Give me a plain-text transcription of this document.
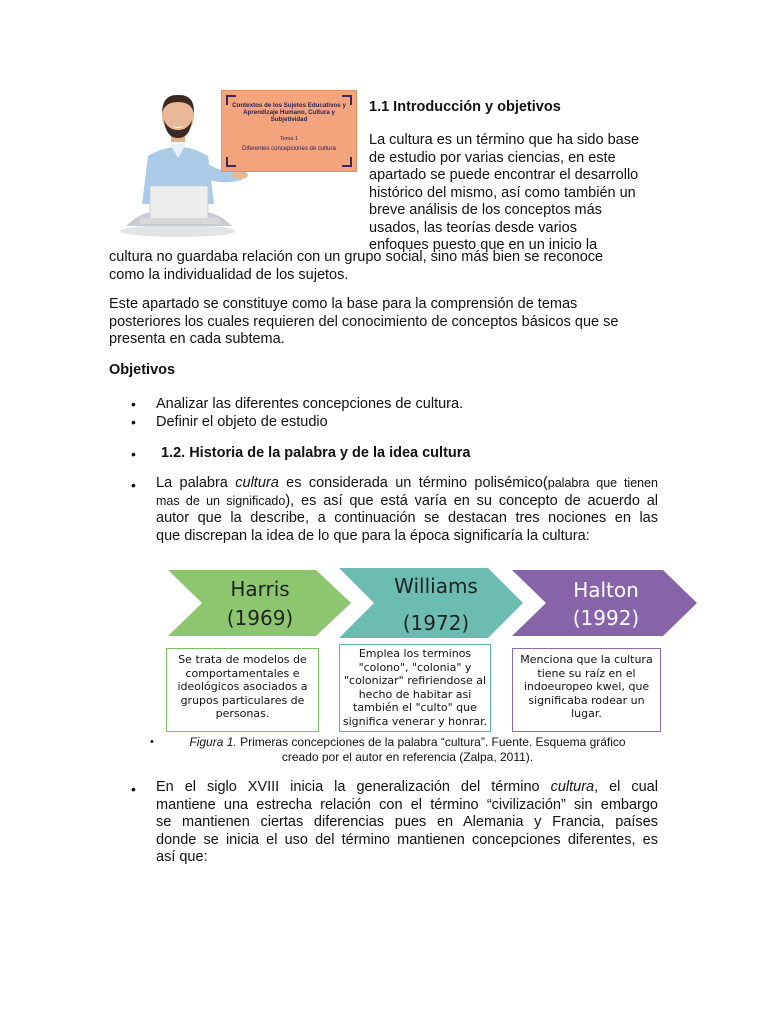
Contextos de los Sujetos Educativos y Aprendizaje Humano, Cultura y Subjetividad
Tema 1
Diferentes concepciones de cultura
1.1 Introducción y objetivos

La cultura es un término que ha sido base

de estudio por varias ciencias, en este

apartado se puede encontrar el desarrollo

histórico del mismo, así como también un

breve análisis de los conceptos más

usados, las teorías desde varios

enfoques puesto que en un inicio la

cultura no guardaba relación con un grupo social, sino más bien se reconoce

como la individualidad de los sujetos.

Este apartado se constituye como la base para la comprensión de temas

posteriores los cuales requieren del conocimiento de conceptos básicos que se

presenta en cada subtema.

Objetivos
• Analizar las diferentes concepciones de cultura.
• Definir el objeto de estudio
• 1.2. Historia de la palabra y de la idea cultura
• La palabra cultura es considerada un término polisémico(palabra que tienen
mas de un significado), es así que está varía en su concepto de acuerdo al
autor que la describe, a continuación se destacan tres nociones en las
que discrepan la idea de lo que para la época significaría la cultura:
Harris
(1969)
Williams
(1972)
Halton
(1992)
Se trata de modelos de
comportamentales e
ideológicos asociados a
grupos particulares de
personas.
Emplea los terminos
"colono", "colonia" y
"colonizar" refiriendose al
hecho de habitar asi
también el "culto" que
significa venerar y honrar.
Menciona que la cultura
tiene su raíz en el
indoeuropeo kwel, que
significaba rodear un
lugar.
•	Figura 1. Primeras concepciones de la palabra “cultura”. Fuente. Esquema gráfico
creado por el autor en referencia (Zalpa, 2011).
• En el siglo XVIII inicia la generalización del término cultura, el cual
mantiene una estrecha relación con el término “civilización” sin embargo
se mantienen ciertas diferencias pues en Alemania y Francia, países
donde se inicia el uso del término mantienen concepciones diferentes, es
así que:
